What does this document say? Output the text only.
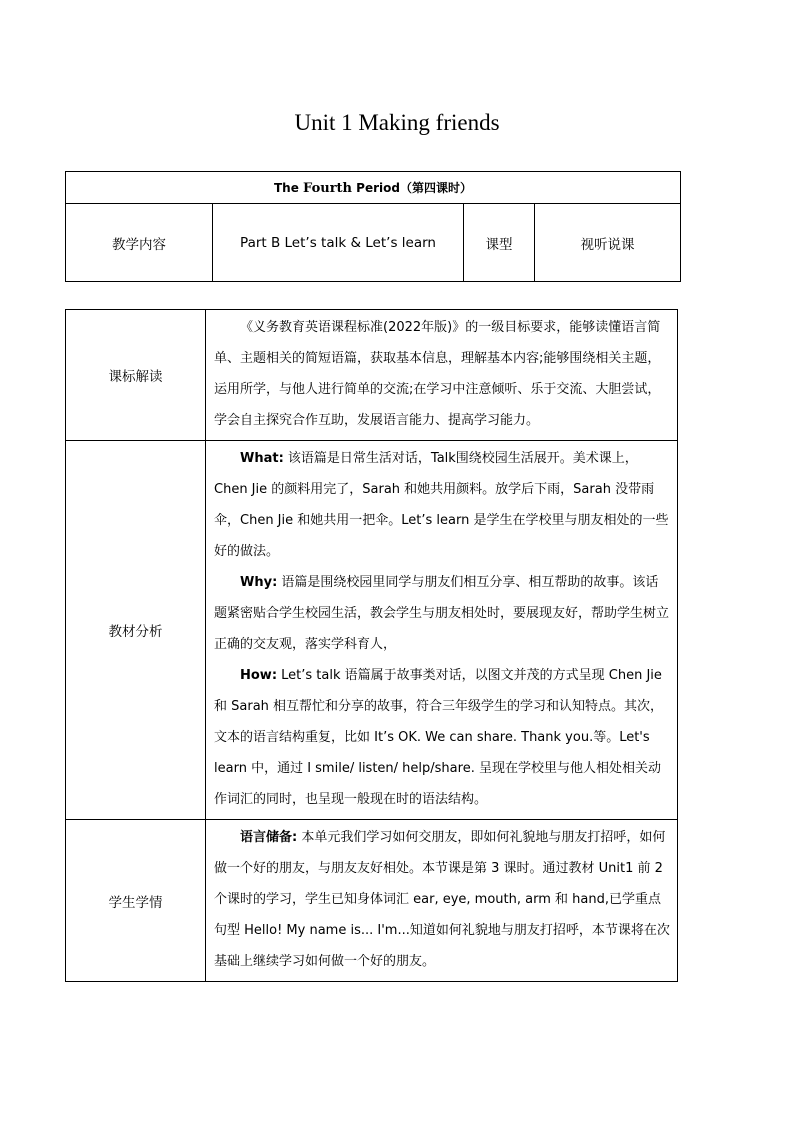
Unit 1 Making friends
The Fourth Period（第四课时）
教学内容	Part B Let’s talk & Let’s learn	课型	视听说课
课标解读	《义务教育英语课程标准(2022年版)》的一级目标要求，能够读懂语言简单、主题相关的简短语篇，获取基本信息，理解基本内容;能够围绕相关主题，运用所学，与他人进行简单的交流;在学习中注意倾听、乐于交流、大胆尝试，学会自主探究合作互助，发展语言能力、提高学习能力。

教材分析	What: 该语篇是日常生活对话，Talk围绕校园生活展开。美术课上，Chen Jie 的颜料用完了，Sarah 和她共用颜料。放学后下雨，Sarah 没带雨伞，Chen Jie 和她共用一把伞。Let’s learn 是学生在学校里与朋友相处的一些好的做法。

Why: 语篇是围绕校园里同学与朋友们相互分享、相互帮助的故事。该话题紧密贴合学生校园生活，教会学生与朋友相处时，要展现友好，帮助学生树立正确的交友观，落实学科育人，

How: Let’s talk 语篇属于故事类对话，以图文并茂的方式呈现 Chen Jie 和 Sarah 相互帮忙和分享的故事，符合三年级学生的学习和认知特点。其次，文本的语言结构重复，比如 It’s OK. We can share. Thank you.等。Let's learn 中，通过 I smile/ listen/ help/share. 呈现在学校里与他人相处相关动作词汇的同时，也呈现一般现在时的语法结构。

学生学情	语言储备: 本单元我们学习如何交朋友，即如何礼貌地与朋友打招呼，如何做一个好的朋友，与朋友友好相处。本节课是第 3 课时。通过教材 Unit1 前 2 个课时的学习，学生已知身体词汇 ear, eye, mouth, arm 和 hand,已学重点句型 Hello! My name is... I'm...知道如何礼貌地与朋友打招呼，本节课将在次基础上继续学习如何做一个好的朋友。
